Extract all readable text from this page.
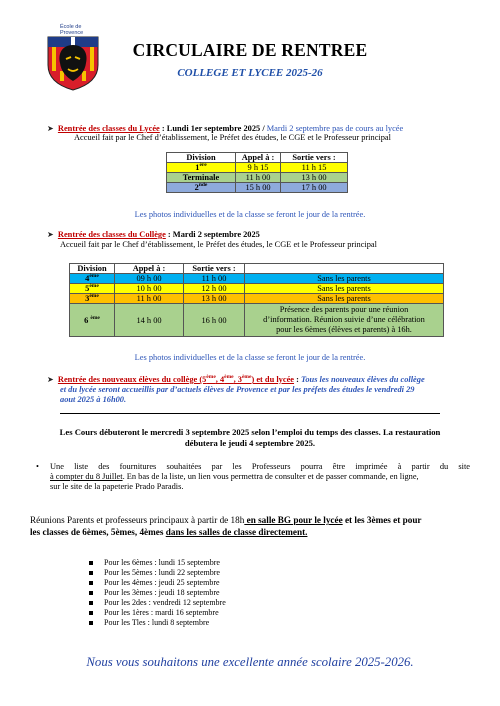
École de Provence
CIRCULAIRE DE RENTREE
COLLEGE ET LYCEE 2025-26
➤ Rentrée des classes du Lycée : Lundi 1er septembre 2025 / Mardi 2 septembre pas de cours au lycée
Accueil fait par le Chef d’établissement, le Préfet des études, le CGE et le Professeur principal
Division	Appel à :	Sortie vers :
1ère	9 h 15	11 h 15
Terminale	11 h 00	13 h 00
2nde	15 h 00	17 h 00
Les photos individuelles et de la classe se feront le jour de la rentrée.
➤ Rentrée des classes du Collège : Mardi 2 septembre 2025
Accueil fait par le Chef d’établissement, le Préfet des études, le CGE et le Professeur principal
Division	Appel à :	Sortie vers :	
4ème	09 h 00	11 h 00	Sans les parents
5ème	10 h 00	12 h 00	Sans les parents
3ème	11 h 00	13 h 00	Sans les parents
6 $^{ème}$	14 h 00	16 h 00	Présence des parents pour une réunion
d’information. Réunion suivie d’une célébration
pour les 6èmes (élèves et parents) à 16h.
Les photos individuelles et de la classe se feront le jour de la rentrée.
➤ Rentrée des nouveaux élèves du collège (5ème, 4ème, 3ème) et du lycée : Tous les nouveaux élèves du collège
et du lycée seront accueillis par d’actuels élèves de Provence et par les préfets des études le vendredi 29
aout 2025 à 16h00.
Les Cours débuteront le mercredi 3 septembre 2025 selon l’emploi du temps des classes. La restauration
débutera le jeudi 4 septembre 2025.
• Une liste des fournitures souhaitées par les Professeurs pourra être imprimée à partir du site
à compter du 8 Juillet. En bas de la liste, un lien vous permettra de consulter et de passer commande, en ligne,
sur le site de la papeterie Prado Paradis.
Réunions Parents et professeurs principaux à partir de 18h en salle BG pour le lycée et les 3èmes et pour
les classes de 6èmes, 5èmes, 4èmes dans les salles de classe directement.
Pour les 6èmes : lundi 15 septembre
Pour les 5èmes : lundi 22 septembre
Pour les 4èmes : jeudi 25 septembre
Pour les 3èmes : jeudi 18 septembre
Pour les 2des : vendredi 12 septembre
Pour les 1ères : mardi 16 septembre
Pour les Tles : lundi 8 septembre
Nous vous souhaitons une excellente année scolaire 2025-2026.
